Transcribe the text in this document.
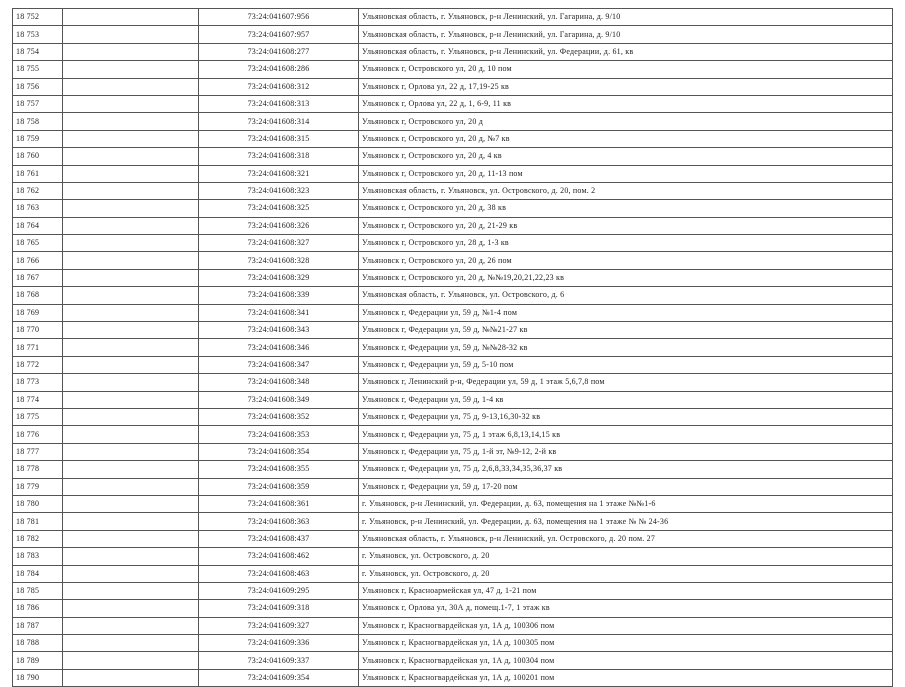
18 752		73:24:041607:956	Ульяновская область, г. Ульяновск, р-н Ленинский, ул. Гагарина, д. 9/10
18 753		73:24:041607:957	Ульяновская область, г. Ульяновск, р-н Ленинский, ул. Гагарина, д. 9/10
18 754		73:24:041608:277	Ульяновская область, г. Ульяновск, р-н Ленинский, ул. Федерации, д. 61, кв
18 755		73:24:041608:286	Ульяновск г, Островского ул, 20 д, 10 пом
18 756		73:24:041608:312	Ульяновск г, Орлова ул, 22 д, 17,19-25 кв
18 757		73:24:041608:313	Ульяновск г, Орлова ул, 22 д, 1, 6-9, 11 кв
18 758		73:24:041608:314	Ульяновск г, Островского ул, 20 д
18 759		73:24:041608:315	Ульяновск г, Островского ул, 20 д, №7 кв
18 760		73:24:041608:318	Ульяновск г, Островского ул, 20 д, 4 кв
18 761		73:24:041608:321	Ульяновск г, Островского ул, 20 д, 11-13 пом
18 762		73:24:041608:323	Ульяновская область, г. Ульяновск, ул. Островского, д. 20, пом. 2
18 763		73:24:041608:325	Ульяновск г, Островского ул, 20 д, 38 кв
18 764		73:24:041608:326	Ульяновск г, Островского ул, 20 д, 21-29 кв
18 765		73:24:041608:327	Ульяновск г, Островского ул, 28 д, 1-3 кв
18 766		73:24:041608:328	Ульяновск г, Островского ул, 20 д, 26 пом
18 767		73:24:041608:329	Ульяновск г, Островского ул, 20 д, №№19,20,21,22,23 кв
18 768		73:24:041608:339	Ульяновская область, г. Ульяновск, ул. Островского, д. 6
18 769		73:24:041608:341	Ульяновск г, Федерации ул, 59 д, №1-4 пом
18 770		73:24:041608:343	Ульяновск г, Федерации ул, 59 д, №№21-27 кв
18 771		73:24:041608:346	Ульяновск г, Федерации ул, 59 д, №№28-32 кв
18 772		73:24:041608:347	Ульяновск г, Федерации ул, 59 д, 5-10 пом
18 773		73:24:041608:348	Ульяновск г, Ленинский р-н, Федерации ул, 59 д, 1 этаж 5,6,7,8 пом
18 774		73:24:041608:349	Ульяновск г, Федерации ул, 59 д, 1-4 кв
18 775		73:24:041608:352	Ульяновск г, Федерации ул, 75 д, 9-13,16,30-32 кв
18 776		73:24:041608:353	Ульяновск г, Федерации ул, 75 д, 1 этаж 6,8,13,14,15 кв
18 777		73:24:041608:354	Ульяновск г, Федерации ул, 75 д, 1-й эт, №9-12, 2-й кв
18 778		73:24:041608:355	Ульяновск г, Федерации ул, 75 д, 2,6,8,33,34,35,36,37 кв
18 779		73:24:041608:359	Ульяновск г, Федерации ул, 59 д, 17-20 пом
18 780		73:24:041608:361	г. Ульяновск, р-н Ленинский, ул. Федерации, д. 63, помещения на 1 этаже №№1-6
18 781		73:24:041608:363	г. Ульяновск, р-н Ленинский, ул. Федерации, д. 63, помещения на 1 этаже № № 24-36
18 782		73:24:041608:437	Ульяновская область, г. Ульяновск, р-н Ленинский, ул. Островского, д. 20 пом. 27
18 783		73:24:041608:462	г. Ульяновск, ул. Островского, д. 20
18 784		73:24:041608:463	г. Ульяновск, ул. Островского, д. 20
18 785		73:24:041609:295	Ульяновск г, Красноармейская ул, 47 д, 1-21 пом
18 786		73:24:041609:318	Ульяновск г, Орлова ул, 30А д, помещ.1-7, 1 этаж кв
18 787		73:24:041609:327	Ульяновск г, Красногвардейская ул, 1А д, 100306 пом
18 788		73:24:041609:336	Ульяновск г, Красногвардейская ул, 1А д, 100305 пом
18 789		73:24:041609:337	Ульяновск г, Красногвардейская ул, 1А д, 100304 пом
18 790		73:24:041609:354	Ульяновск г, Красногвардейская ул, 1А д, 100201 пом
